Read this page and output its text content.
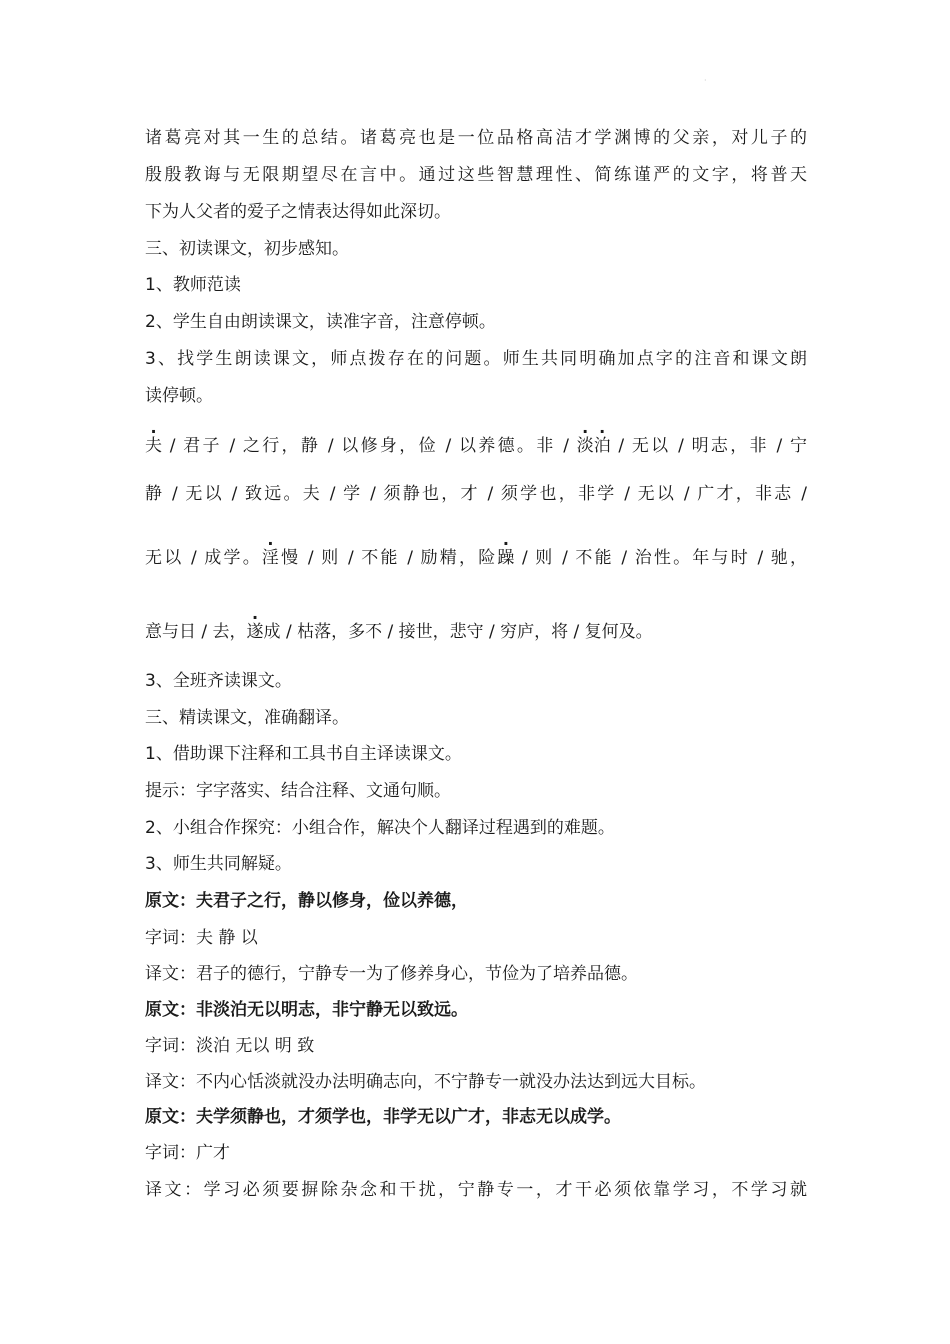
·
诸葛亮对其一生的总结。诸葛亮也是一位品格高洁才学渊博的父亲，对儿子的
殷殷教诲与无限期望尽在言中。通过这些智慧理性、简练谨严的文字，将普天
下为人父者的爱子之情表达得如此深切。
三、初读课文，初步感知。
1、教师范读
2、学生自由朗读课文，读准字音，注意停顿。
3、找学生朗读课文，师点拨存在的问题。师生共同明确加点字的注音和课文朗
读停顿。
夫 / 君子 / 之行，静 / 以修身，俭 / 以养德。非 / 淡泊 / 无以 / 明志，非 / 宁
静 / 无以 / 致远。夫 / 学 / 须静也，才 / 须学也，非学 / 无以 / 广才，非志 /
无以 / 成学。淫慢 / 则 / 不能 / 励精，险躁 / 则 / 不能 / 治性。年与时 / 驰，
意与日 / 去，遂成 / 枯落，多不 / 接世，悲守 / 穷庐，将 / 复何及。
3、全班齐读课文。
三、精读课文，准确翻译。
1、借助课下注释和工具书自主译读课文。
提示：字字落实、结合注释、文通句顺。
2、小组合作探究：小组合作，解决个人翻译过程遇到的难题。
3、师生共同解疑。
原文：夫君子之行，静以修身，俭以养德，
字词：夫 静 以
译文：君子的德行，宁静专一为了修养身心，节俭为了培养品德。
原文：非淡泊无以明志，非宁静无以致远。
字词：淡泊 无以 明 致
译文：不内心恬淡就没办法明确志向，不宁静专一就没办法达到远大目标。
原文：夫学须静也，才须学也，非学无以广才，非志无以成学。
字词：广才
译文：学习必须要摒除杂念和干扰，宁静专一，才干必须依靠学习，不学习就
